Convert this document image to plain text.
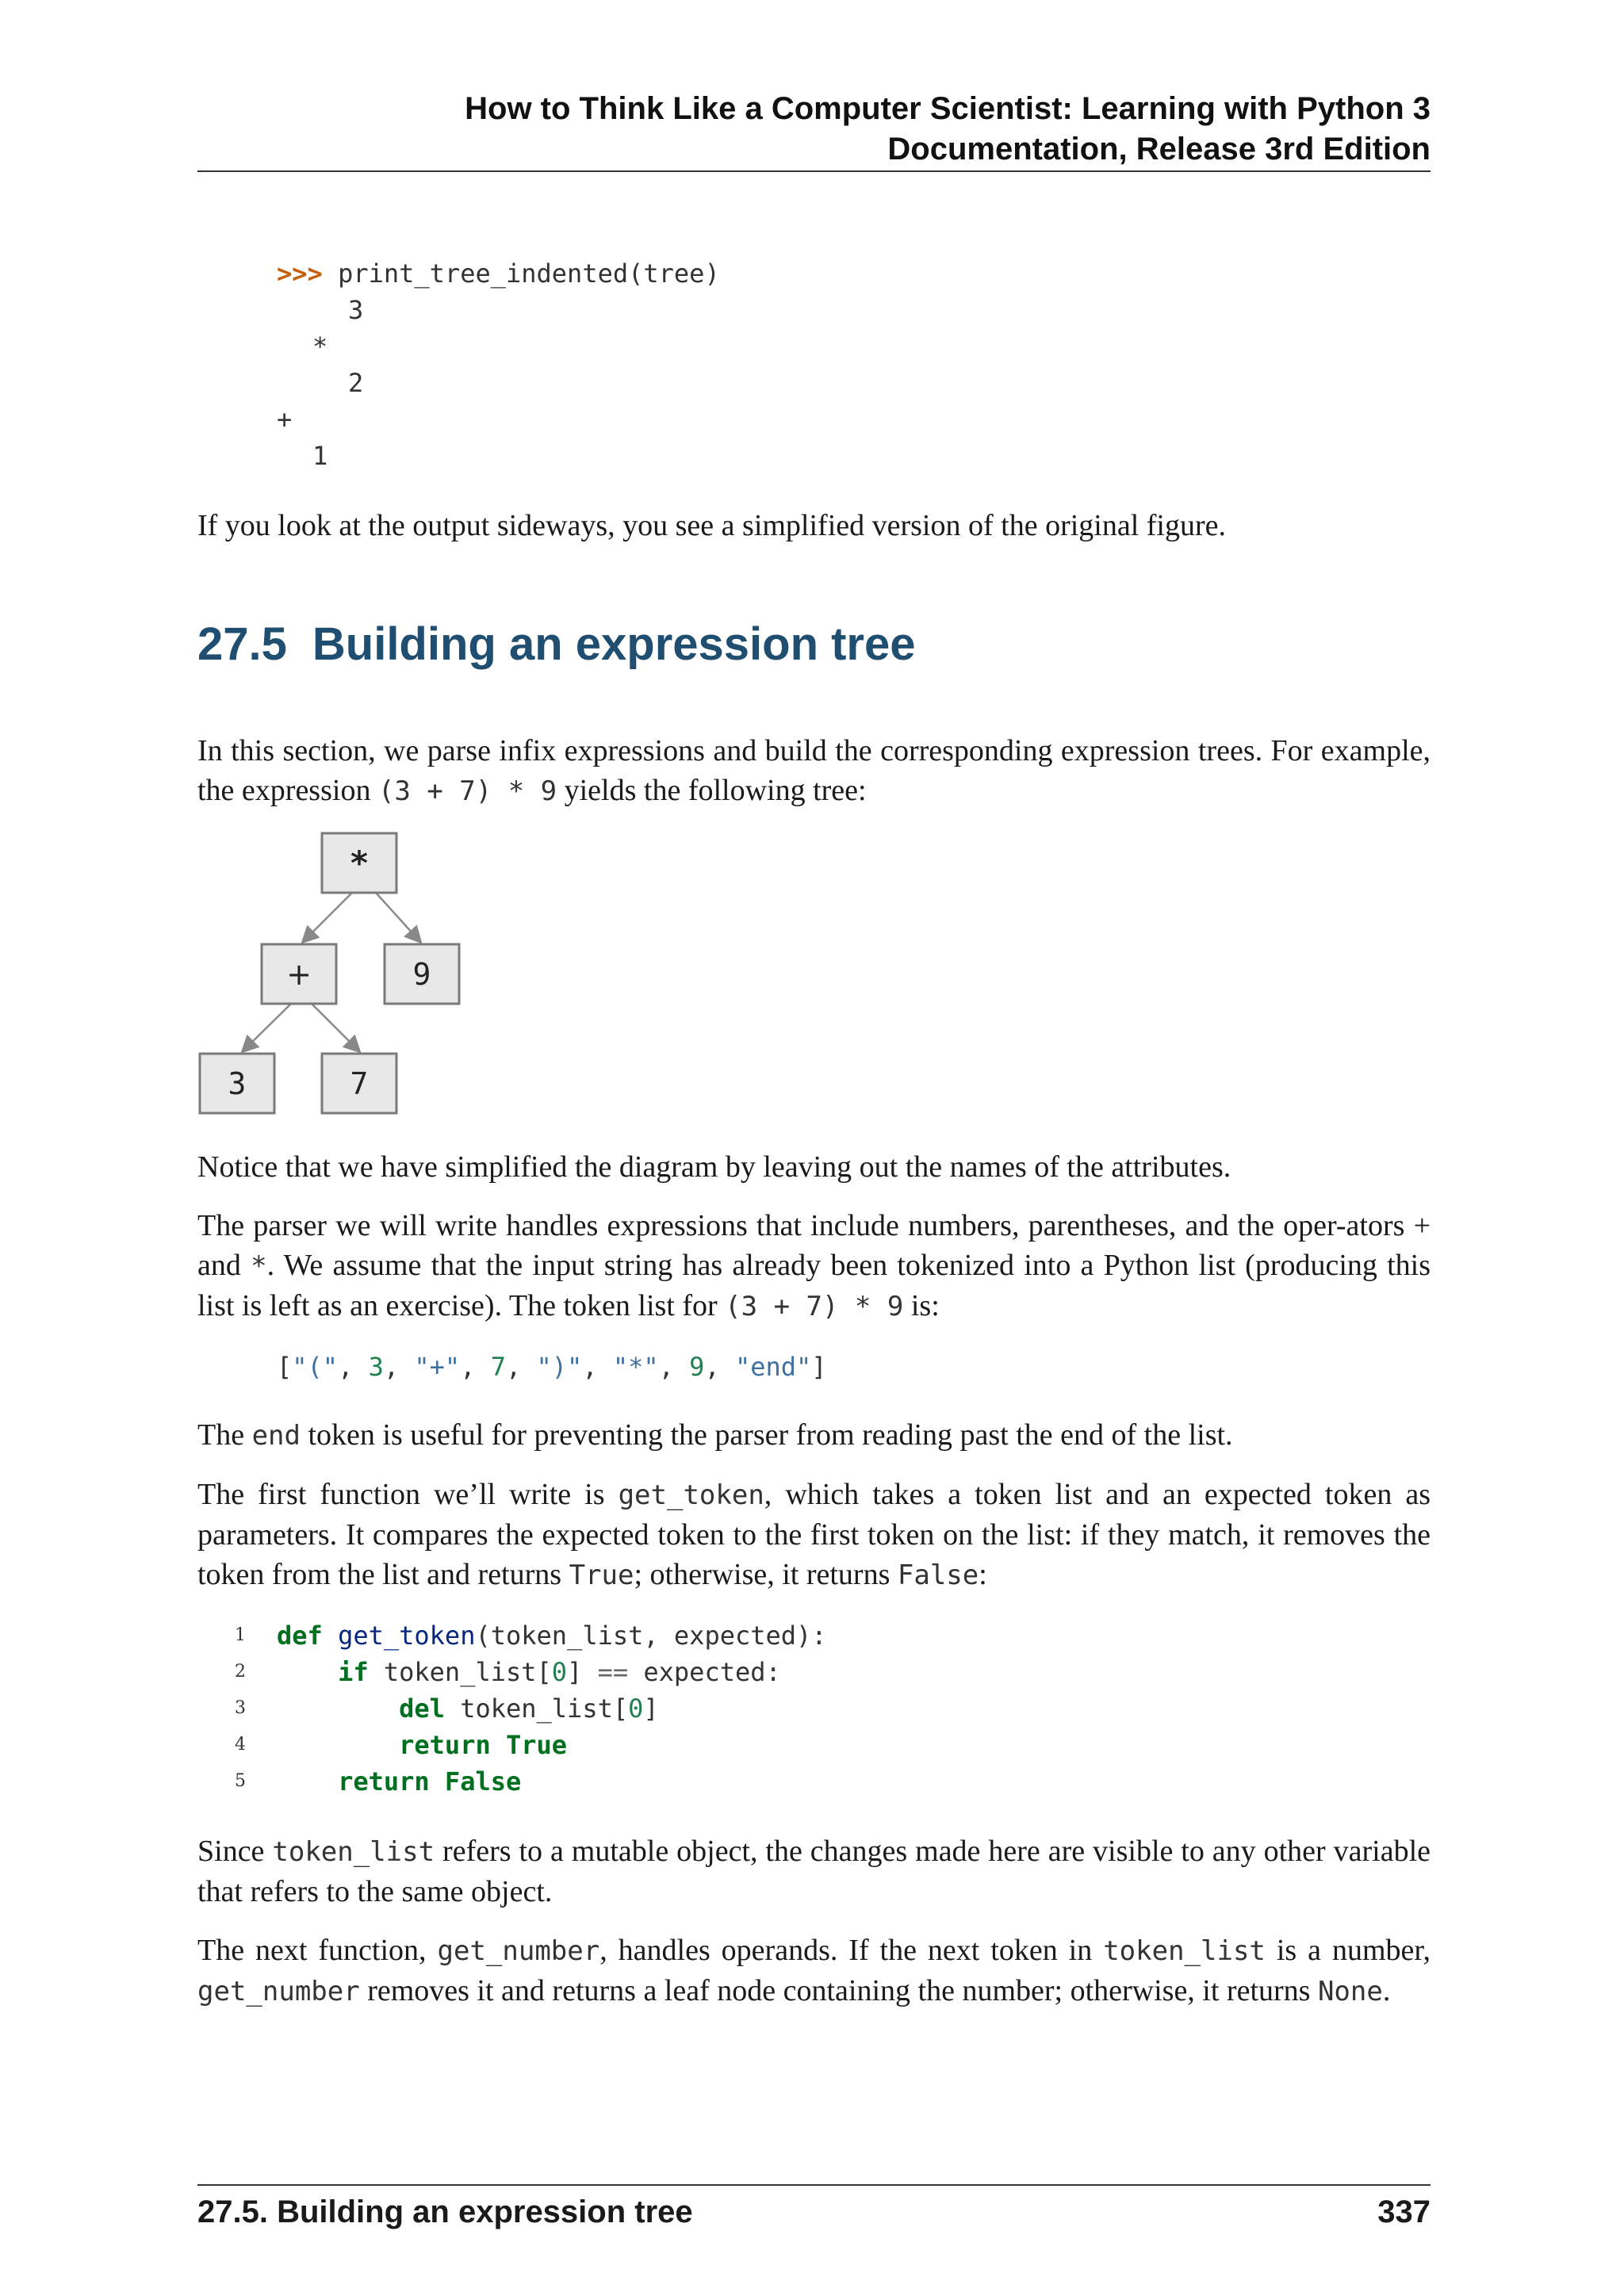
How to Think Like a Computer Scientist: Learning with Python 3
Documentation, Release 3rd Edition
>>> print_tree_indented(tree)
3
*
2
+
1

If you look at the output sideways, you see a simplified version of the original figure.

27.5 Building an expression tree

In this section, we parse infix expressions and build the corresponding expression trees. For example, the expression (3 + 7) * 9 yields the following tree:

*
+	9
3	7

Notice that we have simplified the diagram by leaving out the names of the attributes.

The parser we will write handles expressions that include numbers, parentheses, and the oper-ators + and *. We assume that the input string has already been tokenized into a Python list (producing this list is left as an exercise). The token list for (3 + 7) * 9 is:

["(", 3, "+", 7, ")", "*", 9, "end"]

The end token is useful for preventing the parser from reading past the end of the list.

The first function we’ll write is get_token, which takes a token list and an expected token as parameters. It compares the expected token to the first token on the list: if they match, it removes the token from the list and returns True; otherwise, it returns False:

1
2
3
4
5
def get_token(token_list, expected):
if token_list[0] == expected:
del token_list[0]
return True
return False

Since token_list refers to a mutable object, the changes made here are visible to any other variable that refers to the same object.

The next function, get_number, handles operands. If the next token in token_list is a number, get_number removes it and returns a leaf node containing the number; otherwise, it returns None.

27.5. Building an expression tree	337
